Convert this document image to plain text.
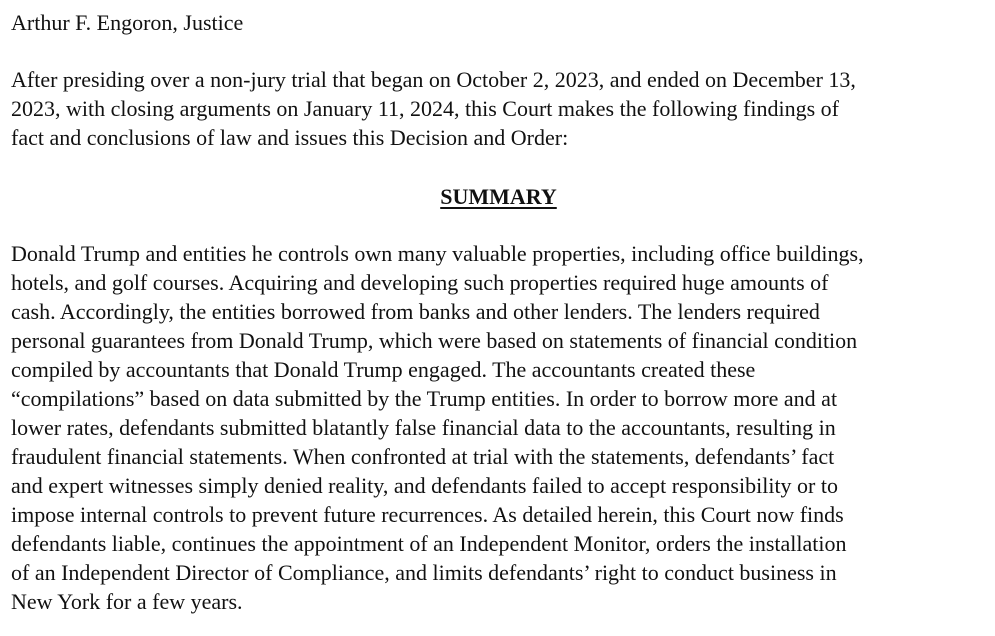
Arthur F. Engoron, Justice

After presiding over a non-jury trial that began on October 2, 2023, and ended on December 13,
2023, with closing arguments on January 11, 2024, this Court makes the following findings of
fact and conclusions of law and issues this Decision and Order:

SUMMARY

Donald Trump and entities he controls own many valuable properties, including office buildings,
hotels, and golf courses. Acquiring and developing such properties required huge amounts of
cash. Accordingly, the entities borrowed from banks and other lenders. The lenders required
personal guarantees from Donald Trump, which were based on statements of financial condition
compiled by accountants that Donald Trump engaged. The accountants created these
“compilations” based on data submitted by the Trump entities. In order to borrow more and at
lower rates, defendants submitted blatantly false financial data to the accountants, resulting in
fraudulent financial statements. When confronted at trial with the statements, defendants’ fact
and expert witnesses simply denied reality, and defendants failed to accept responsibility or to
impose internal controls to prevent future recurrences. As detailed herein, this Court now finds
defendants liable, continues the appointment of an Independent Monitor, orders the installation
of an Independent Director of Compliance, and limits defendants’ right to conduct business in
New York for a few years.
